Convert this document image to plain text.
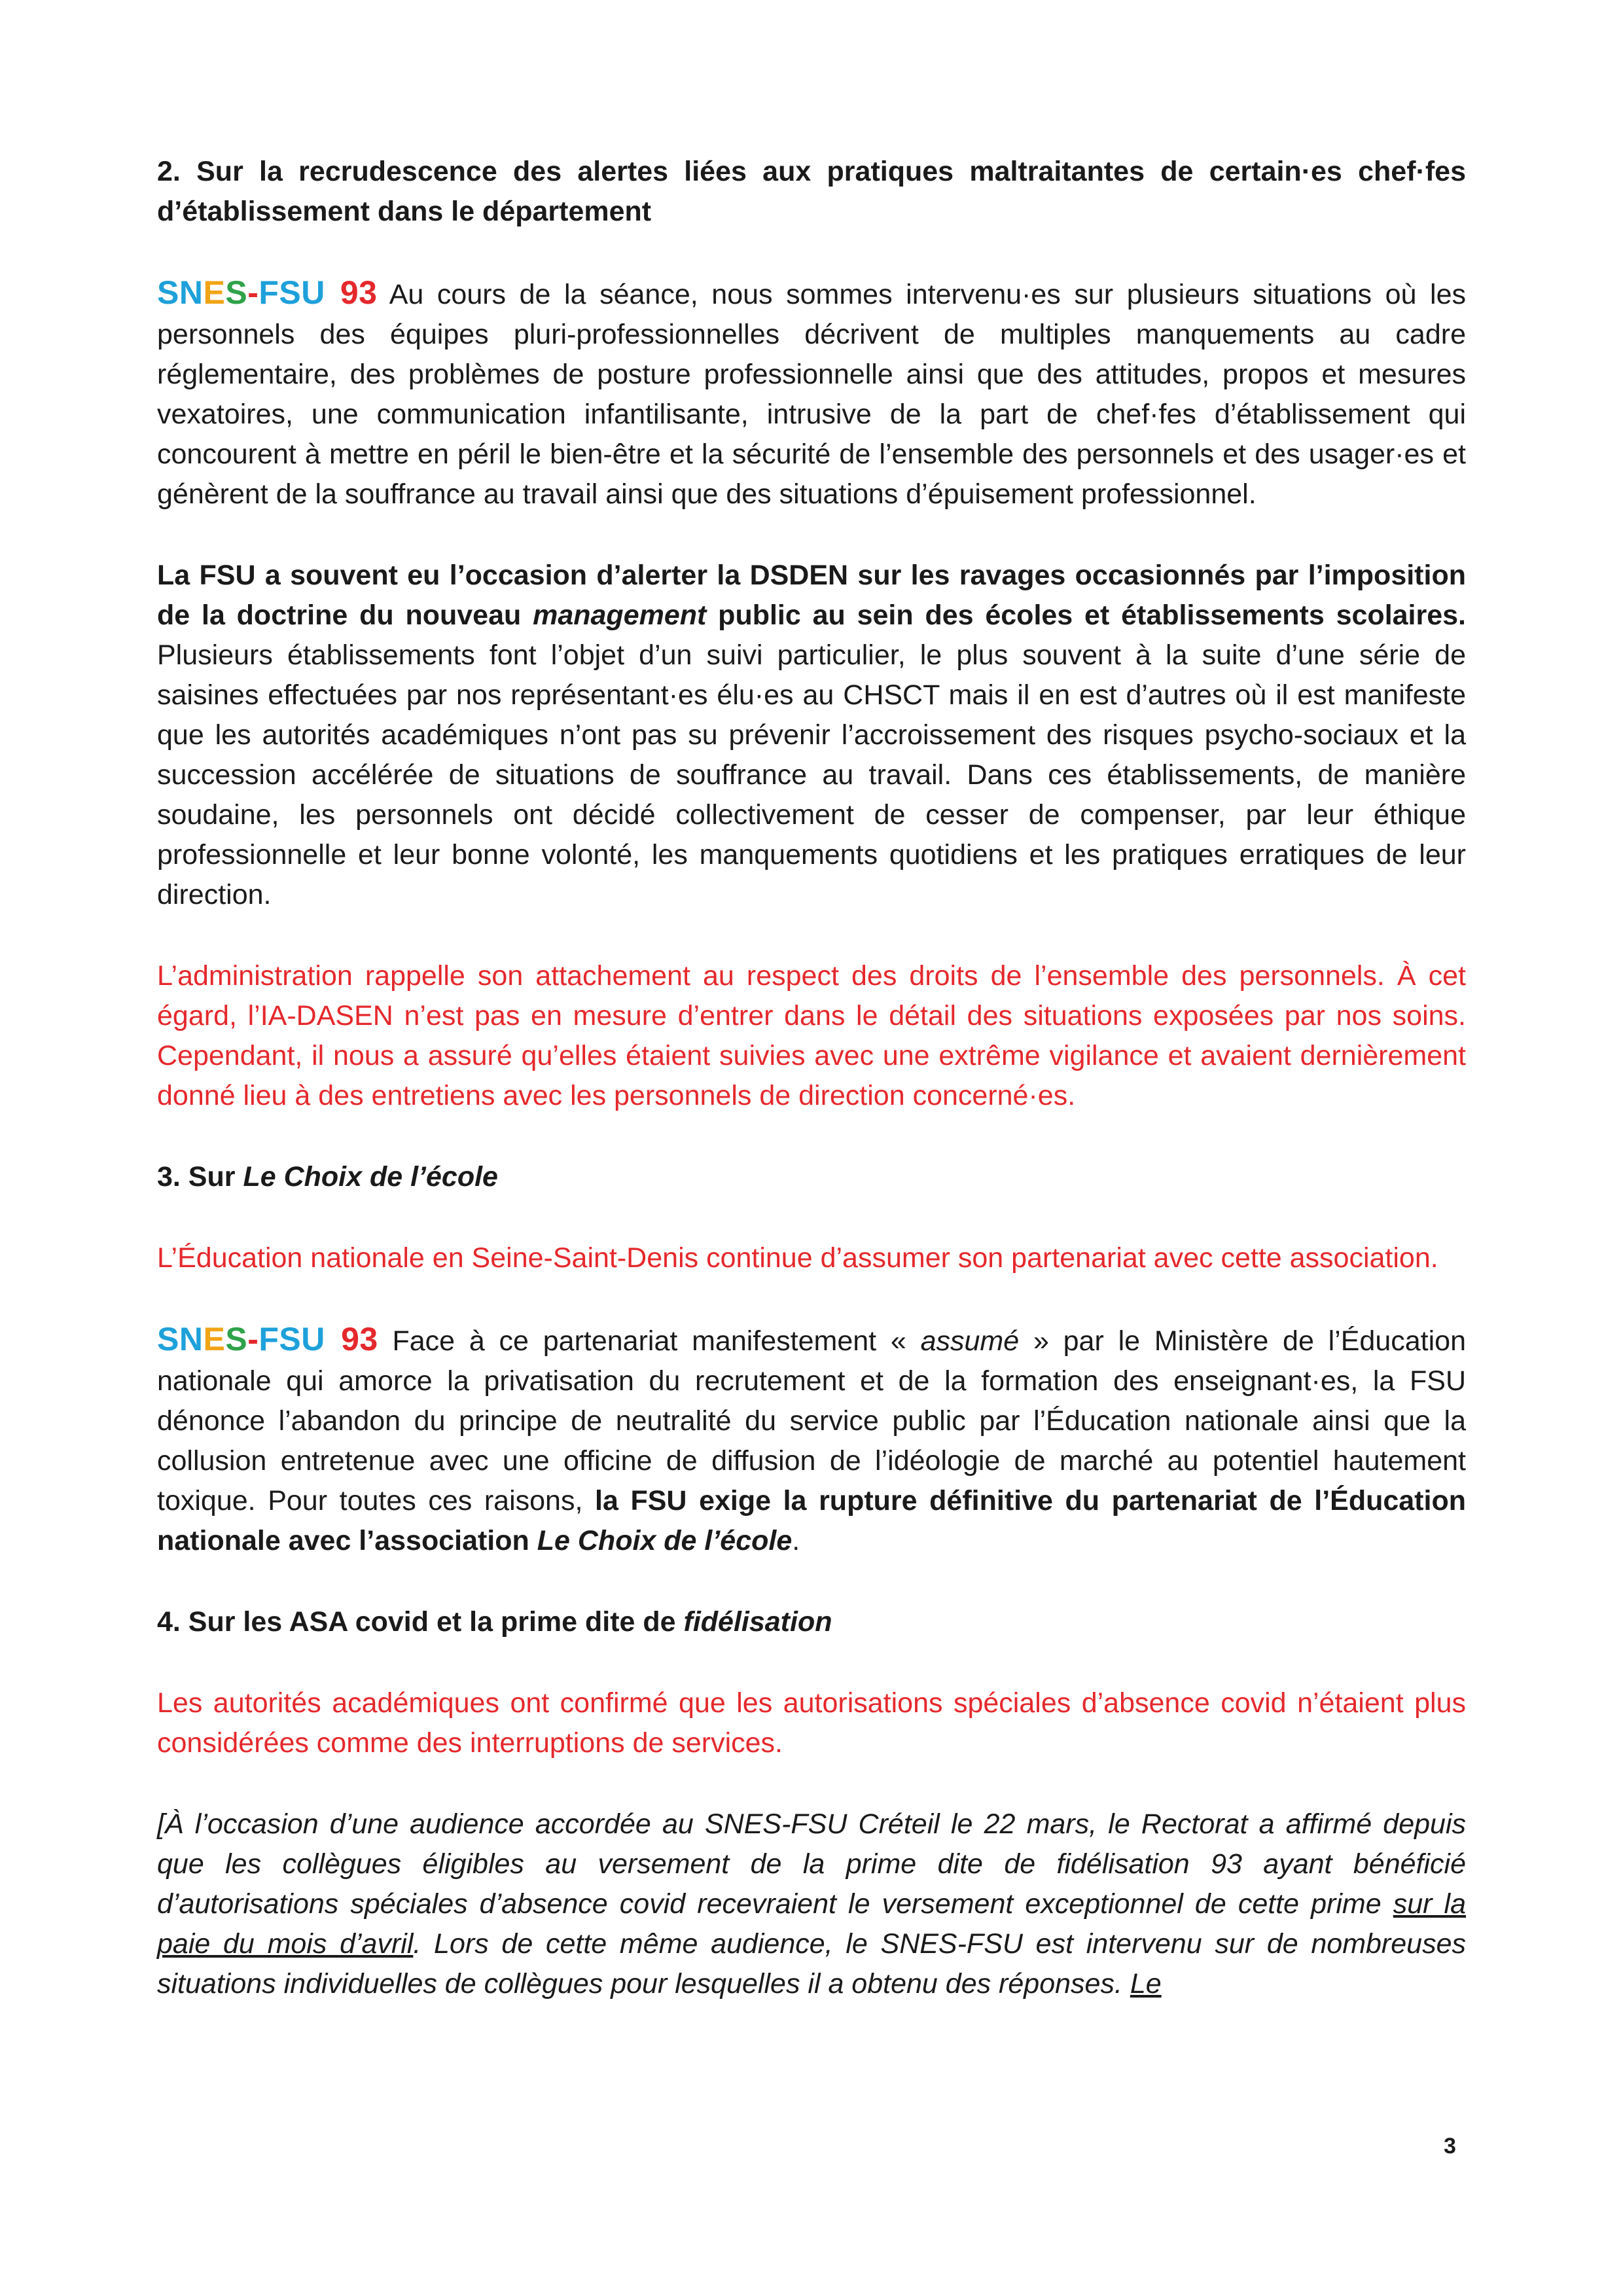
2. Sur la recrudescence des alertes liées aux pratiques maltraitantes de certain·es chef·fes d’établissement dans le département

SNES-FSU 93 Au cours de la séance, nous sommes intervenu·es sur plusieurs situations où les personnels des équipes pluri-professionnelles décrivent de multiples manquements au cadre réglementaire, des problèmes de posture professionnelle ainsi que des attitudes, propos et mesures vexatoires, une communication infantilisante, intrusive de la part de chef·fes d’établissement qui concourent à mettre en péril le bien-être et la sécurité de l’ensemble des personnels et des usager·es et génèrent de la souffrance au travail ainsi que des situations d’épuisement professionnel.

La FSU a souvent eu l’occasion d’alerter la DSDEN sur les ravages occasionnés par l’imposition de la doctrine du nouveau management public au sein des écoles et établissements scolaires. Plusieurs établissements font l’objet d’un suivi particulier, le plus souvent à la suite d’une série de saisines effectuées par nos représentant·es élu·es au CHSCT mais il en est d’autres où il est manifeste que les autorités académiques n’ont pas su prévenir l’accroissement des risques psycho-sociaux et la succession accélérée de situations de souffrance au travail. Dans ces établissements, de manière soudaine, les personnels ont décidé collectivement de cesser de compenser, par leur éthique professionnelle et leur bonne volonté, les manquements quotidiens et les pratiques erratiques de leur direction.

L’administration rappelle son attachement au respect des droits de l’ensemble des personnels. À cet égard, l’IA-DASEN n’est pas en mesure d’entrer dans le détail des situations exposées par nos soins. Cependant, il nous a assuré qu’elles étaient suivies avec une extrême vigilance et avaient dernièrement donné lieu à des entretiens avec les personnels de direction concerné·es.

3. Sur Le Choix de l’école

L’Éducation nationale en Seine-Saint-Denis continue d’assumer son partenariat avec cette association.

SNES-FSU 93 Face à ce partenariat manifestement « assumé » par le Ministère de l’Éducation nationale qui amorce la privatisation du recrutement et de la formation des enseignant·es, la FSU dénonce l’abandon du principe de neutralité du service public par l’Éducation nationale ainsi que la collusion entretenue avec une officine de diffusion de l’idéologie de marché au potentiel hautement toxique. Pour toutes ces raisons, la FSU exige la rupture définitive du partenariat de l’Éducation nationale avec l’association Le Choix de l’école.

4. Sur les ASA covid et la prime dite de fidélisation

Les autorités académiques ont confirmé que les autorisations spéciales d’absence covid n’étaient plus considérées comme des interruptions de services.

[À l’occasion d’une audience accordée au SNES-FSU Créteil le 22 mars, le Rectorat a affirmé depuis que les collègues éligibles au versement de la prime dite de fidélisation 93 ayant bénéficié d’autorisations spéciales d’absence covid recevraient le versement exceptionnel de cette prime sur la paie du mois d’avril. Lors de cette même audience, le SNES-FSU est intervenu sur de nombreuses situations individuelles de collègues pour lesquelles il a obtenu des réponses. Le

3
